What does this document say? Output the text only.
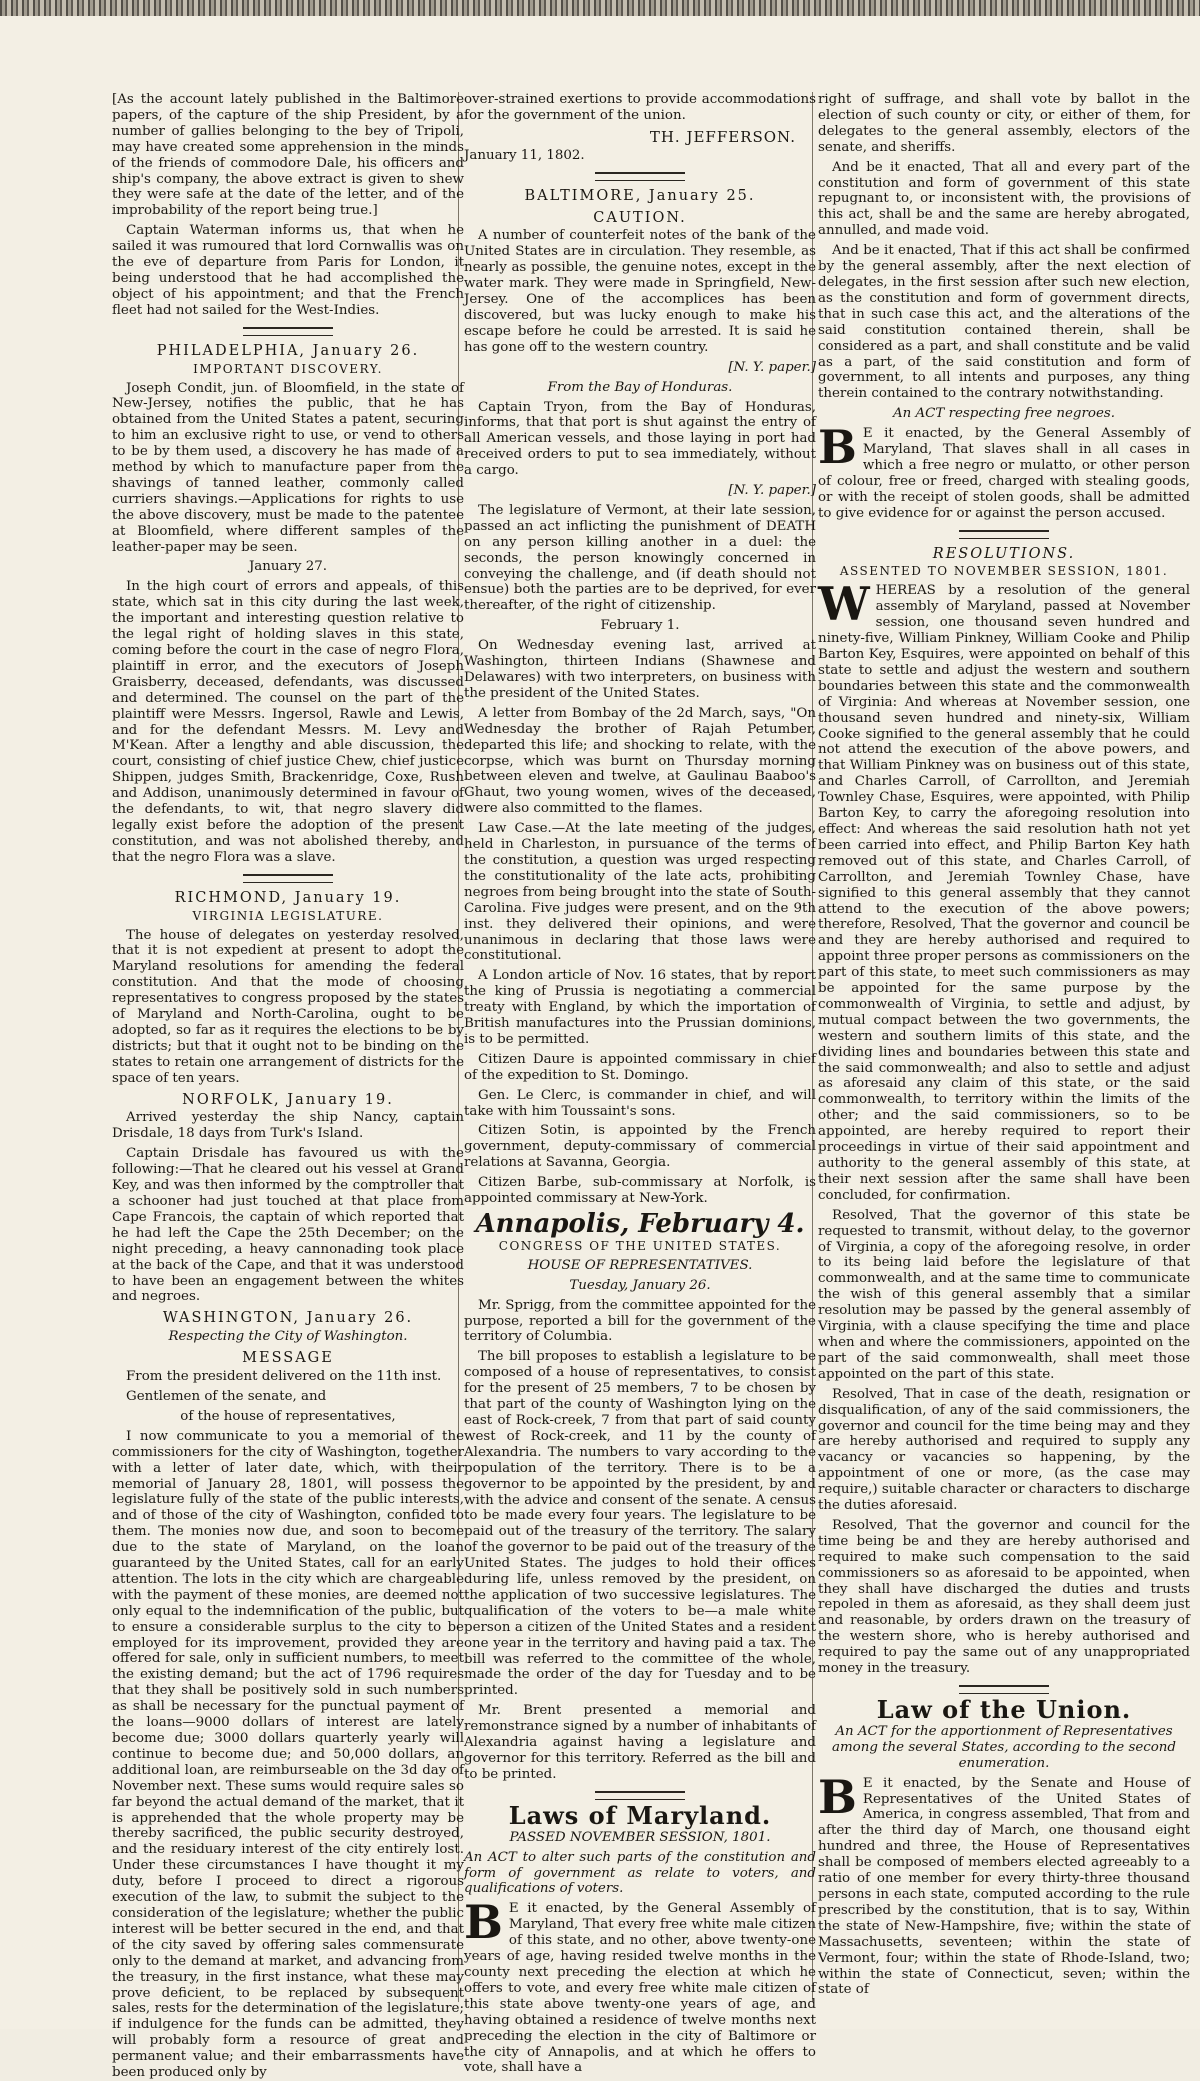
[As the account lately published in the Baltimore papers, of the capture of the ship President, by a number of gallies belonging to the bey of Tripoli, may have created some apprehension in the minds of the friends of commodore Dale, his officers and ship's company, the above extract is given to shew they were safe at the date of the letter, and of the improbability of the report being true.]

Captain Waterman informs us, that when he sailed it was rumoured that lord Cornwallis was on the eve of departure from Paris for London, it being understood that he had accomplished the object of his appointment; and that the French fleet had not sailed for the West-Indies.

PHILADELPHIA, January 26.

IMPORTANT DISCOVERY.

Joseph Condit, jun. of Bloomfield, in the state of New-Jersey, notifies the public, that he has obtained from the United States a patent, securing to him an exclusive right to use, or vend to others to be by them used, a discovery he has made of a method by which to manufacture paper from the shavings of tanned leather, commonly called curriers shavings.—Applications for rights to use the above discovery, must be made to the patentee at Bloomfield, where different samples of the leather-paper may be seen.

January 27.

In the high court of errors and appeals, of this state, which sat in this city during the last week, the important and interesting question relative to the legal right of holding slaves in this state, coming before the court in the case of negro Flora, plaintiff in error, and the executors of Joseph Graisberry, deceased, defendants, was discussed and determined. The counsel on the part of the plaintiff were Messrs. Ingersol, Rawle and Lewis, and for the defendant Messrs. M. Levy and M'Kean. After a lengthy and able discussion, the court, consisting of chief justice Chew, chief justice Shippen, judges Smith, Brackenridge, Coxe, Rush and Addison, unanimously determined in favour of the defendants, to wit, that negro slavery did legally exist before the adoption of the present constitution, and was not abolished thereby, and that the negro Flora was a slave.

RICHMOND, January 19.

VIRGINIA LEGISLATURE.

The house of delegates on yesterday resolved, that it is not expedient at present to adopt the Maryland resolutions for amending the federal constitution. And that the mode of choosing representatives to congress proposed by the states of Maryland and North-Carolina, ought to be adopted, so far as it requires the elections to be by districts; but that it ought not to be binding on the states to retain one arrangement of districts for the space of ten years.

NORFOLK, January 19.

Arrived yesterday the ship Nancy, captain Drisdale, 18 days from Turk's Island.

Captain Drisdale has favoured us with the following:—That he cleared out his vessel at Grand Key, and was then informed by the comptroller that a schooner had just touched at that place from Cape Francois, the captain of which reported that he had left the Cape the 25th December; on the night preceding, a heavy cannonading took place at the back of the Cape, and that it was understood to have been an engagement between the whites and negroes.

WASHINGTON, January 26.

Respecting the City of Washington.

MESSAGE

From the president delivered on the 11th inst.

Gentlemen of the senate, and

of the house of representatives,

I now communicate to you a memorial of the commissioners for the city of Washington, together with a letter of later date, which, with their memorial of January 28, 1801, will possess the legislature fully of the state of the public interests, and of those of the city of Washington, confided to them. The monies now due, and soon to become due to the state of Maryland, on the loan guaranteed by the United States, call for an early attention. The lots in the city which are chargeable with the payment of these monies, are deemed not only equal to the indemnification of the public, but to ensure a considerable surplus to the city to be employed for its improvement, provided they are offered for sale, only in sufficient numbers, to meet the existing demand; but the act of 1796 requires that they shall be positively sold in such numbers as shall be necessary for the punctual payment of the loans—9000 dollars of interest are lately become due; 3000 dollars quarterly yearly will continue to become due; and 50,000 dollars, an additional loan, are reimburseable on the 3d day of November next. These sums would require sales so far beyond the actual demand of the market, that it is apprehended that the whole property may be thereby sacrificed, the public security destroyed, and the residuary interest of the city entirely lost. Under these circumstances I have thought it my duty, before I proceed to direct a rigorous execution of the law, to submit the subject to the consideration of the legislature; whether the public interest will be better secured in the end, and that of the city saved by offering sales commensurate only to the demand at market, and advancing from the treasury, in the first instance, what these may prove deficient, to be replaced by subsequent sales, rests for the determination of the legislature; if indulgence for the funds can be admitted, they will probably form a resource of great and permanent value; and their embarrassments have been produced only by

over-strained exertions to provide accommodations for the government of the union.

TH. JEFFERSON.

January 11, 1802.

BALTIMORE, January 25.

CAUTION.

A number of counterfeit notes of the bank of the United States are in circulation. They resemble, as nearly as possible, the genuine notes, except in the water mark. They were made in Springfield, New-Jersey. One of the accomplices has been discovered, but was lucky enough to make his escape before he could be arrested. It is said he has gone off to the western country.

[N. Y. paper.]

From the Bay of Honduras.

Captain Tryon, from the Bay of Honduras, informs, that that port is shut against the entry of all American vessels, and those laying in port had received orders to put to sea immediately, without a cargo.

[N. Y. paper.]

The legislature of Vermont, at their late session, passed an act inflicting the punishment of DEATH on any person killing another in a duel: the seconds, the person knowingly concerned in conveying the challenge, and (if death should not ensue) both the parties are to be deprived, for ever thereafter, of the right of citizenship.

February 1.

On Wednesday evening last, arrived at Washington, thirteen Indians (Shawnese and Delawares) with two interpreters, on business with the president of the United States.

A letter from Bombay of the 2d March, says, "On Wednesday the brother of Rajah Petumber, departed this life; and shocking to relate, with the corpse, which was burnt on Thursday morning between eleven and twelve, at Gaulinau Baaboo's Ghaut, two young women, wives of the deceased, were also committed to the flames.

Law Case.—At the late meeting of the judges, held in Charleston, in pursuance of the terms of the constitution, a question was urged respecting the constitutionality of the late acts, prohibiting negroes from being brought into the state of South-Carolina. Five judges were present, and on the 9th inst. they delivered their opinions, and were unanimous in declaring that those laws were constitutional.

A London article of Nov. 16 states, that by report the king of Prussia is negotiating a commercial treaty with England, by which the importation of British manufactures into the Prussian dominions, is to be permitted.

Citizen Daure is appointed commissary in chief of the expedition to St. Domingo.

Gen. Le Clerc, is commander in chief, and will take with him Toussaint's sons.

Citizen Sotin, is appointed by the French government, deputy-commissary of commercial relations at Savanna, Georgia.

Citizen Barbe, sub-commissary at Norfolk, is appointed commissary at New-York.

Annapolis, February 4.

CONGRESS OF THE UNITED STATES.

HOUSE OF REPRESENTATIVES.

Tuesday, January 26.

Mr. Sprigg, from the committee appointed for the purpose, reported a bill for the government of the territory of Columbia.

The bill proposes to establish a legislature to be composed of a house of representatives, to consist for the present of 25 members, 7 to be chosen by that part of the county of Washington lying on the east of Rock-creek, 7 from that part of said county west of Rock-creek, and 11 by the county of Alexandria. The numbers to vary according to the population of the territory. There is to be a governor to be appointed by the president, by and with the advice and consent of the senate. A census to be made every four years. The legislature to be paid out of the treasury of the territory. The salary of the governor to be paid out of the treasury of the United States. The judges to hold their offices during life, unless removed by the president, on the application of two successive legislatures. The qualification of the voters to be—a male white person a citizen of the United States and a resident one year in the territory and having paid a tax. The bill was referred to the committee of the whole, made the order of the day for Tuesday and to be printed.

Mr. Brent presented a memorial and remonstrance signed by a number of inhabitants of Alexandria against having a legislature and governor for this territory. Referred as the bill and to be printed.

Laws of Maryland.

PASSED NOVEMBER SESSION, 1801.

An ACT to alter such parts of the constitution and form of government as relate to voters, and qualifications of voters.

B E it enacted, by the General Assembly of Maryland, That every free white male citizen of this state, and no other, above twenty-one years of age, having resided twelve months in the county next preceding the election at which he offers to vote, and every free white male citizen of this state above twenty-one years of age, and having obtained a residence of twelve months next preceding the election in the city of Baltimore or the city of Annapolis, and at which he offers to vote, shall have a

right of suffrage, and shall vote by ballot in the election of such county or city, or either of them, for delegates to the general assembly, electors of the senate, and sheriffs.

And be it enacted, That all and every part of the constitution and form of government of this state repugnant to, or inconsistent with, the provisions of this act, shall be and the same are hereby abrogated, annulled, and made void.

And be it enacted, That if this act shall be confirmed by the general assembly, after the next election of delegates, in the first session after such new election, as the constitution and form of government directs, that in such case this act, and the alterations of the said constitution contained therein, shall be considered as a part, and shall constitute and be valid as a part, of the said constitution and form of government, to all intents and purposes, any thing therein contained to the contrary notwithstanding.

An ACT respecting free negroes.

B E it enacted, by the General Assembly of Maryland, That slaves shall in all cases in which a free negro or mulatto, or other person of colour, free or freed, charged with stealing goods, or with the receipt of stolen goods, shall be admitted to give evidence for or against the person accused.

RESOLUTIONS.

ASSENTED TO NOVEMBER SESSION, 1801.

WHEREAS by a resolution of the general assembly of Maryland, passed at November session, one thousand seven hundred and ninety-five, William Pinkney, William Cooke and Philip Barton Key, Esquires, were appointed on behalf of this state to settle and adjust the western and southern boundaries between this state and the commonwealth of Virginia: And whereas at November session, one thousand seven hundred and ninety-six, William Cooke signified to the general assembly that he could not attend the execution of the above powers, and that William Pinkney was on business out of this state, and Charles Carroll, of Carrollton, and Jeremiah Townley Chase, Esquires, were appointed, with Philip Barton Key, to carry the aforegoing resolution into effect: And whereas the said resolution hath not yet been carried into effect, and Philip Barton Key hath removed out of this state, and Charles Carroll, of Carrollton, and Jeremiah Townley Chase, have signified to this general assembly that they cannot attend to the execution of the above powers; therefore, Resolved, That the governor and council be and they are hereby authorised and required to appoint three proper persons as commissioners on the part of this state, to meet such commissioners as may be appointed for the same purpose by the commonwealth of Virginia, to settle and adjust, by mutual compact between the two governments, the western and southern limits of this state, and the dividing lines and boundaries between this state and the said commonwealth; and also to settle and adjust as aforesaid any claim of this state, or the said commonwealth, to territory within the limits of the other; and the said commissioners, so to be appointed, are hereby required to report their proceedings in virtue of their said appointment and authority to the general assembly of this state, at their next session after the same shall have been concluded, for confirmation.

Resolved, That the governor of this state be requested to transmit, without delay, to the governor of Virginia, a copy of the aforegoing resolve, in order to its being laid before the legislature of that commonwealth, and at the same time to communicate the wish of this general assembly that a similar resolution may be passed by the general assembly of Virginia, with a clause specifying the time and place when and where the commissioners, appointed on the part of the said commonwealth, shall meet those appointed on the part of this state.

Resolved, That in case of the death, resignation or disqualification, of any of the said commissioners, the governor and council for the time being may and they are hereby authorised and required to supply any vacancy or vacancies so happening, by the appointment of one or more, (as the case may require,) suitable character or characters to discharge the duties aforesaid.

Resolved, That the governor and council for the time being be and they are hereby authorised and required to make such compensation to the said commissioners so as aforesaid to be appointed, when they shall have discharged the duties and trusts repoled in them as aforesaid, as they shall deem just and reasonable, by orders drawn on the treasury of the western shore, who is hereby authorised and required to pay the same out of any unappropriated money in the treasury.

Law of the Union.

An ACT for the apportionment of Representatives among the several States, according to the second enumeration.

B E it enacted, by the Senate and House of Representatives of the United States of America, in congress assembled, That from and after the third day of March, one thousand eight hundred and three, the House of Representatives shall be composed of members elected agreeably to a ratio of one member for every thirty-three thousand persons in each state, computed according to the rule prescribed by the constitution, that is to say, Within the state of New-Hampshire, five; within the state of Massachusetts, seventeen; within the state of Vermont, four; within the state of Rhode-Island, two; within the state of Connecticut, seven; within the state of
